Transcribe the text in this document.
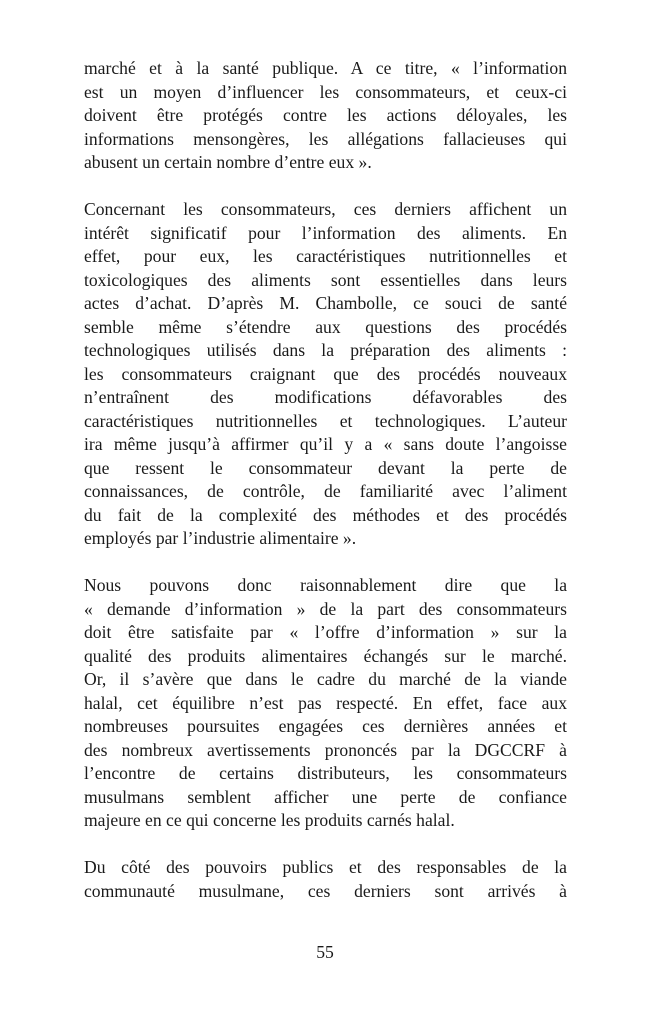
marché et à la santé publique. A ce titre, « l’information
est un moyen d’influencer les consommateurs, et ceux-ci
doivent être protégés contre les actions déloyales, les
informations mensongères, les allégations fallacieuses qui
abusent un certain nombre d’entre eux ».
Concernant les consommateurs, ces derniers affichent un
intérêt significatif pour l’information des aliments. En
effet, pour eux, les caractéristiques nutritionnelles et
toxicologiques des aliments sont essentielles dans leurs
actes d’achat. D’après M. Chambolle, ce souci de santé
semble même s’étendre aux questions des procédés
technologiques utilisés dans la préparation des aliments :
les consommateurs craignant que des procédés nouveaux
n’entraînent des modifications défavorables des
caractéristiques nutritionnelles et technologiques. L’auteur
ira même jusqu’à affirmer qu’il y a « sans doute l’angoisse
que ressent le consommateur devant la perte de
connaissances, de contrôle, de familiarité avec l’aliment
du fait de la complexité des méthodes et des procédés
employés par l’industrie alimentaire ».
Nous pouvons donc raisonnablement dire que la
« demande d’information » de la part des consommateurs
doit être satisfaite par « l’offre d’information » sur la
qualité des produits alimentaires échangés sur le marché.
Or, il s’avère que dans le cadre du marché de la viande
halal, cet équilibre n’est pas respecté. En effet, face aux
nombreuses poursuites engagées ces dernières années et
des nombreux avertissements prononcés par la DGCCRF à
l’encontre de certains distributeurs, les consommateurs
musulmans semblent afficher une perte de confiance
majeure en ce qui concerne les produits carnés halal.
Du côté des pouvoirs publics et des responsables de la
communauté musulmane, ces derniers sont arrivés à
55
